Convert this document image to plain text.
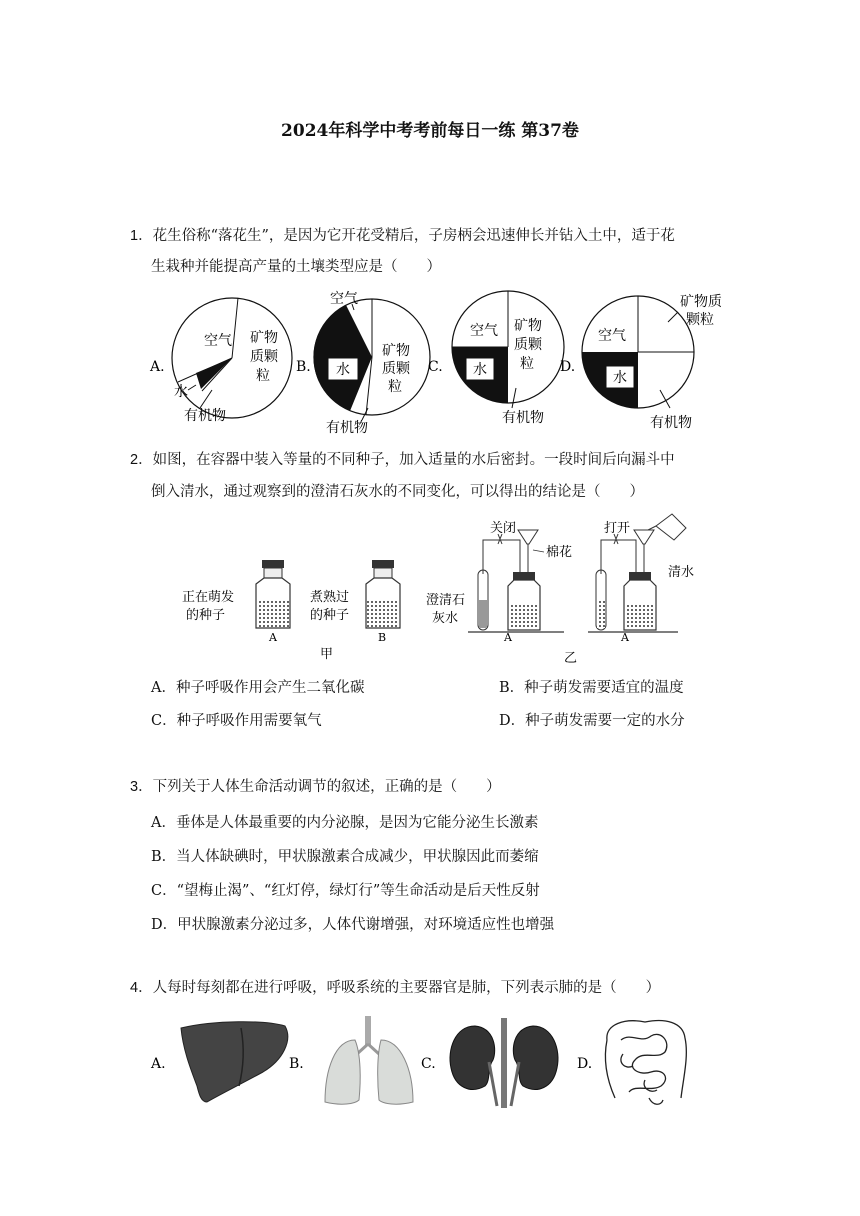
2024年科学中考考前每日一练 第37卷
1．花生俗称“落花生”，是因为它开花受精后，子房柄会迅速伸长并钻入土中，适于花
生栽种并能提高产量的土壤类型应是（　　）
A.
空气 矿物
质颗
粒
水
有机物
B. 水
矿物
质颗
粒
空气
有机物
C. 水
空气 矿物
质颗
粒
有机物
D.
水
空气
矿物质
颗粒
有机物
2．如图，在容器中装入等量的不同种子，加入适量的水后密封。一段时间后向漏斗中
倒入清水，通过观察到的澄清石灰水的不同变化，可以得出的结论是（　　）
A
正在萌发
的种子
B
煮熟过
的种子
甲
关闭
棉花
澄清石
灰水
A
打开
清水
A
乙
A．种子呼吸作用会产生二氧化碳	B．种子萌发需要适宜的温度
C．种子呼吸作用需要氧气	D．种子萌发需要一定的水分
3．下列关于人体生命活动调节的叙述，正确的是（　　）
A．垂体是人体最重要的内分泌腺，是因为它能分泌生长激素
B．当人体缺碘时，甲状腺激素合成减少，甲状腺因此而萎缩
C．“望梅止渴”、“红灯停，绿灯行”等生命活动是后天性反射
D．甲状腺激素分泌过多，人体代谢增强，对环境适应性也增强
4．人每时每刻都在进行呼吸，呼吸系统的主要器官是肺，下列表示肺的是（　　）
A.	B.	C.	D.
